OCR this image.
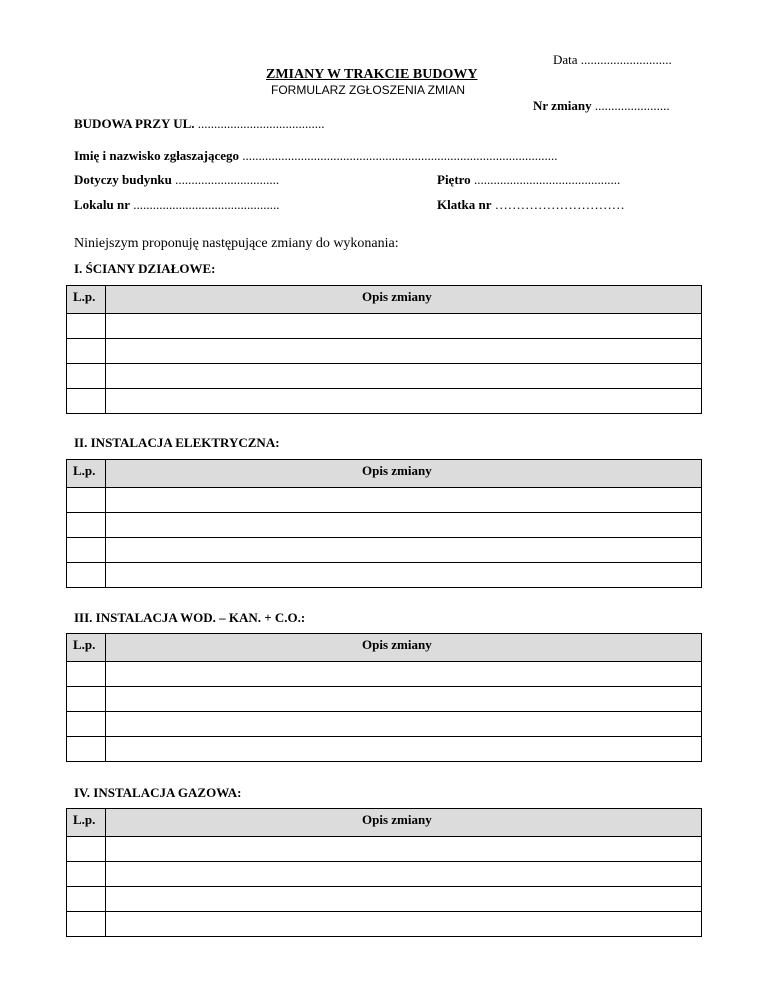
Data ............................
ZMIANY W TRAKCIE BUDOWY
FORMULARZ ZGŁOSZENIA ZMIAN
Nr zmiany .......................
BUDOWA PRZY UL. .......................................
Imię i nazwisko zgłaszającego .................................................................................................
Dotyczy budynku ................................	Piętro .............................................
Lokalu nr .............................................	Klatka nr …………………………
Niniejszym proponuję następujące zmiany do wykonania:
I. ŚCIANY DZIAŁOWE:
L.p.	Opis zmiany

II. INSTALACJA ELEKTRYCZNA:
L.p.	Opis zmiany

III. INSTALACJA WOD. – KAN. + C.O.:
L.p.	Opis zmiany

IV. INSTALACJA GAZOWA:
L.p.	Opis zmiany
